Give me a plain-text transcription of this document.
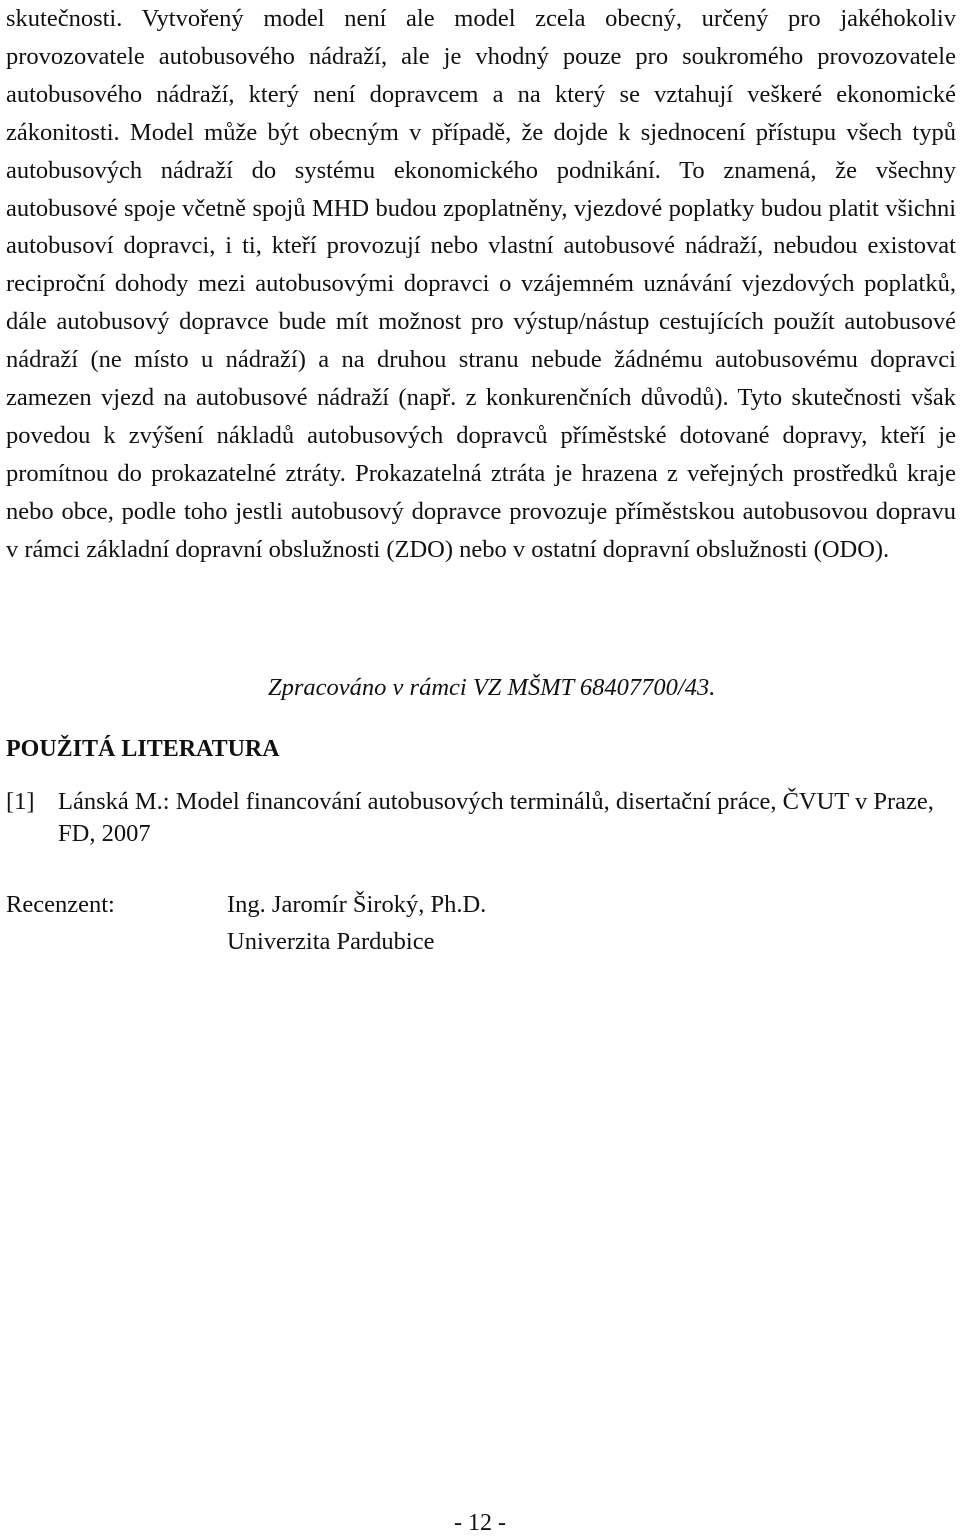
skutečnosti. Vytvořený model není ale model zcela obecný, určený pro jakéhokoliv provozovatele autobusového nádraží, ale je vhodný pouze pro soukromého provozovatele autobusového nádraží, který není dopravcem a na který se vztahují veškeré ekonomické zákonitosti. Model může být obecným v případě, že dojde k sjednocení přístupu všech typů autobusových nádraží do systému ekonomického podnikání. To znamená, že všechny autobusové spoje včetně spojů MHD budou zpoplatněny, vjezdové poplatky budou platit všichni autobusoví dopravci, i ti, kteří provozují nebo vlastní autobusové nádraží, nebudou existovat reciproční dohody mezi autobusovými dopravci o vzájemném uznávání vjezdových poplatků, dále autobusový dopravce bude mít možnost pro výstup/nástup cestujících použít autobusové nádraží (ne místo u nádraží) a na druhou stranu nebude žádnému autobusovému dopravci zamezen vjezd na autobusové nádraží (např. z konkurenčních důvodů). Tyto skutečnosti však povedou k zvýšení nákladů autobusových dopravců příměstské dotované dopravy, kteří je promítnou do prokazatelné ztráty. Prokazatelná ztráta je hrazena z veřejných prostředků kraje nebo obce, podle toho jestli autobusový dopravce provozuje příměstskou autobusovou dopravu v rámci základní dopravní obslužnosti (ZDO) nebo v ostatní dopravní obslužnosti (ODO).

Zpracováno v rámci VZ MŠMT 68407700/43.

POUŽITÁ LITERATURA
[1] Lánská M.: Model financování autobusových terminálů, disertační práce, ČVUT v Praze, FD, 2007
Recenzent:	Ing. Jaromír Široký, Ph.D.
Univerzita Pardubice
- 12 -
